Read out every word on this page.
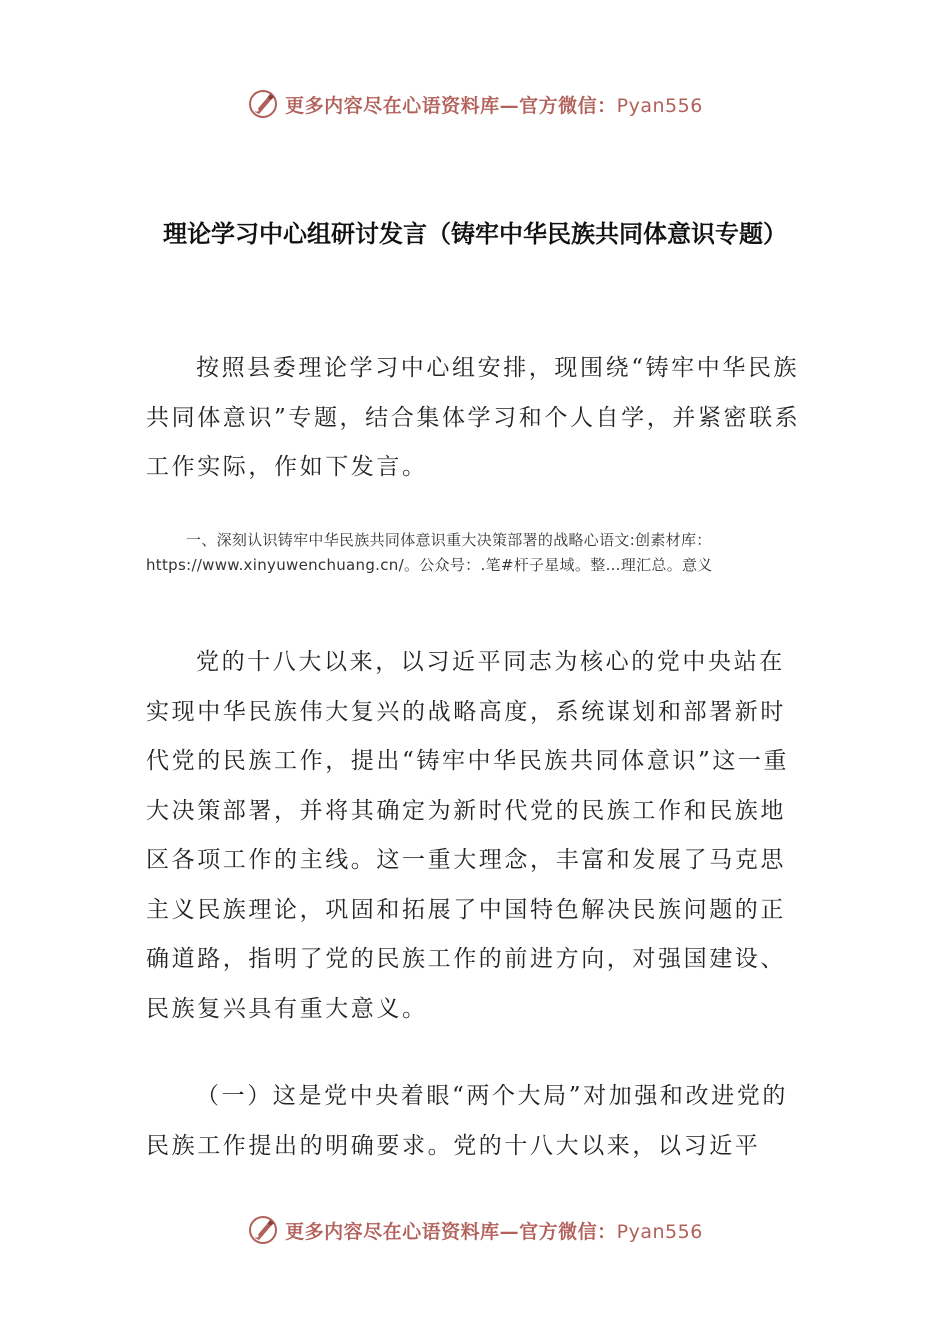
更多内容尽在心语资料库—官方微信：Pyan556
理论学习中心组研讨发言（铸牢中华民族共同体意识专题）

按照县委理论学习中心组安排，现围绕“铸牢中华民族共同体意识”专题，结合集体学习和个人自学，并紧密联系工作实际，作如下发言。

一、深刻认识铸牢中华民族共同体意识重大决策部署的战略心语文:创素材库：https://www.xinyuwenchuang.cn/。公众号：.笔#杆子星域。整…理汇总。意义

党的十八大以来，以习近平同志为核心的党中央站在实现中华民族伟大复兴的战略高度，系统谋划和部署新时代党的民族工作，提出“铸牢中华民族共同体意识”这一重大决策部署，并将其确定为新时代党的民族工作和民族地区各项工作的主线。这一重大理念，丰富和发展了马克思主义民族理论，巩固和拓展了中国特色解决民族问题的正确道路，指明了党的民族工作的前进方向，对强国建设、民族复兴具有重大意义。

（一）这是党中央着眼“两个大局”对加强和改进党的民族工作提出的明确要求。党的十八大以来，以习近平

更多内容尽在心语资料库—官方微信：Pyan556
